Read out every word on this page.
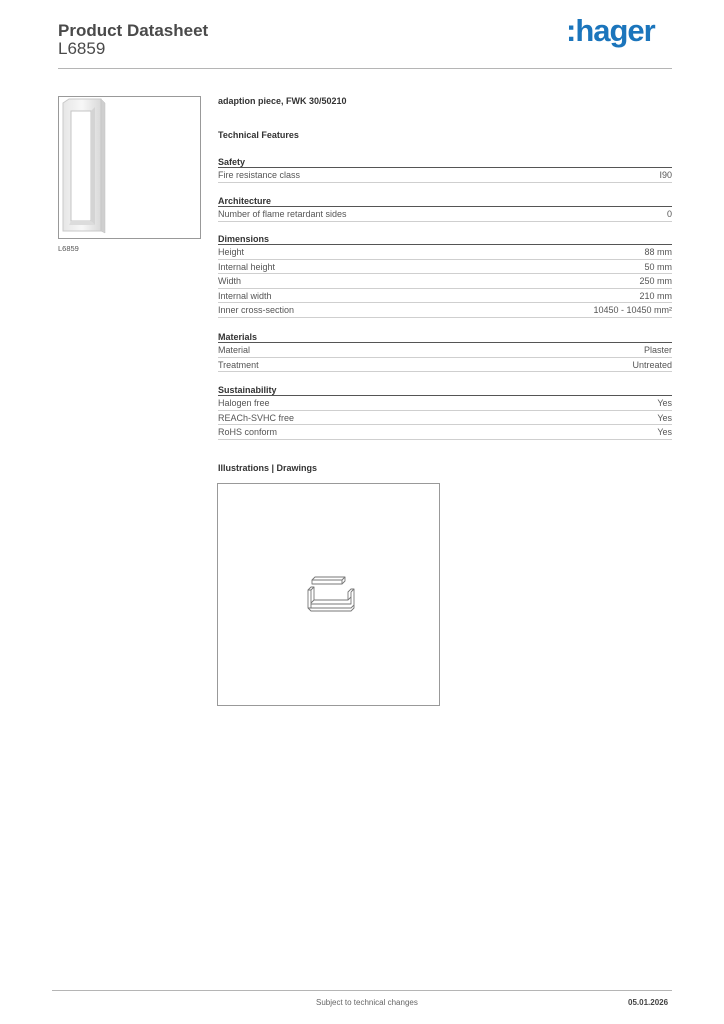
Product Datasheet
L6859
:hager
L6859
adaption piece, FWK 30/50210
Technical Features
Safety
Fire resistance class	I90
Architecture
Number of flame retardant sides	0
Dimensions
Height	88 mm
Internal height	50 mm
Width	250 mm
Internal width	210 mm
Inner cross-section	10450 - 10450 mm²
Materials
Material	Plaster
Treatment	Untreated
Sustainability
Halogen free	Yes
REACh-SVHC free	Yes
RoHS conform	Yes
Illustrations | Drawings
Subject to technical changes	05.01.2026
